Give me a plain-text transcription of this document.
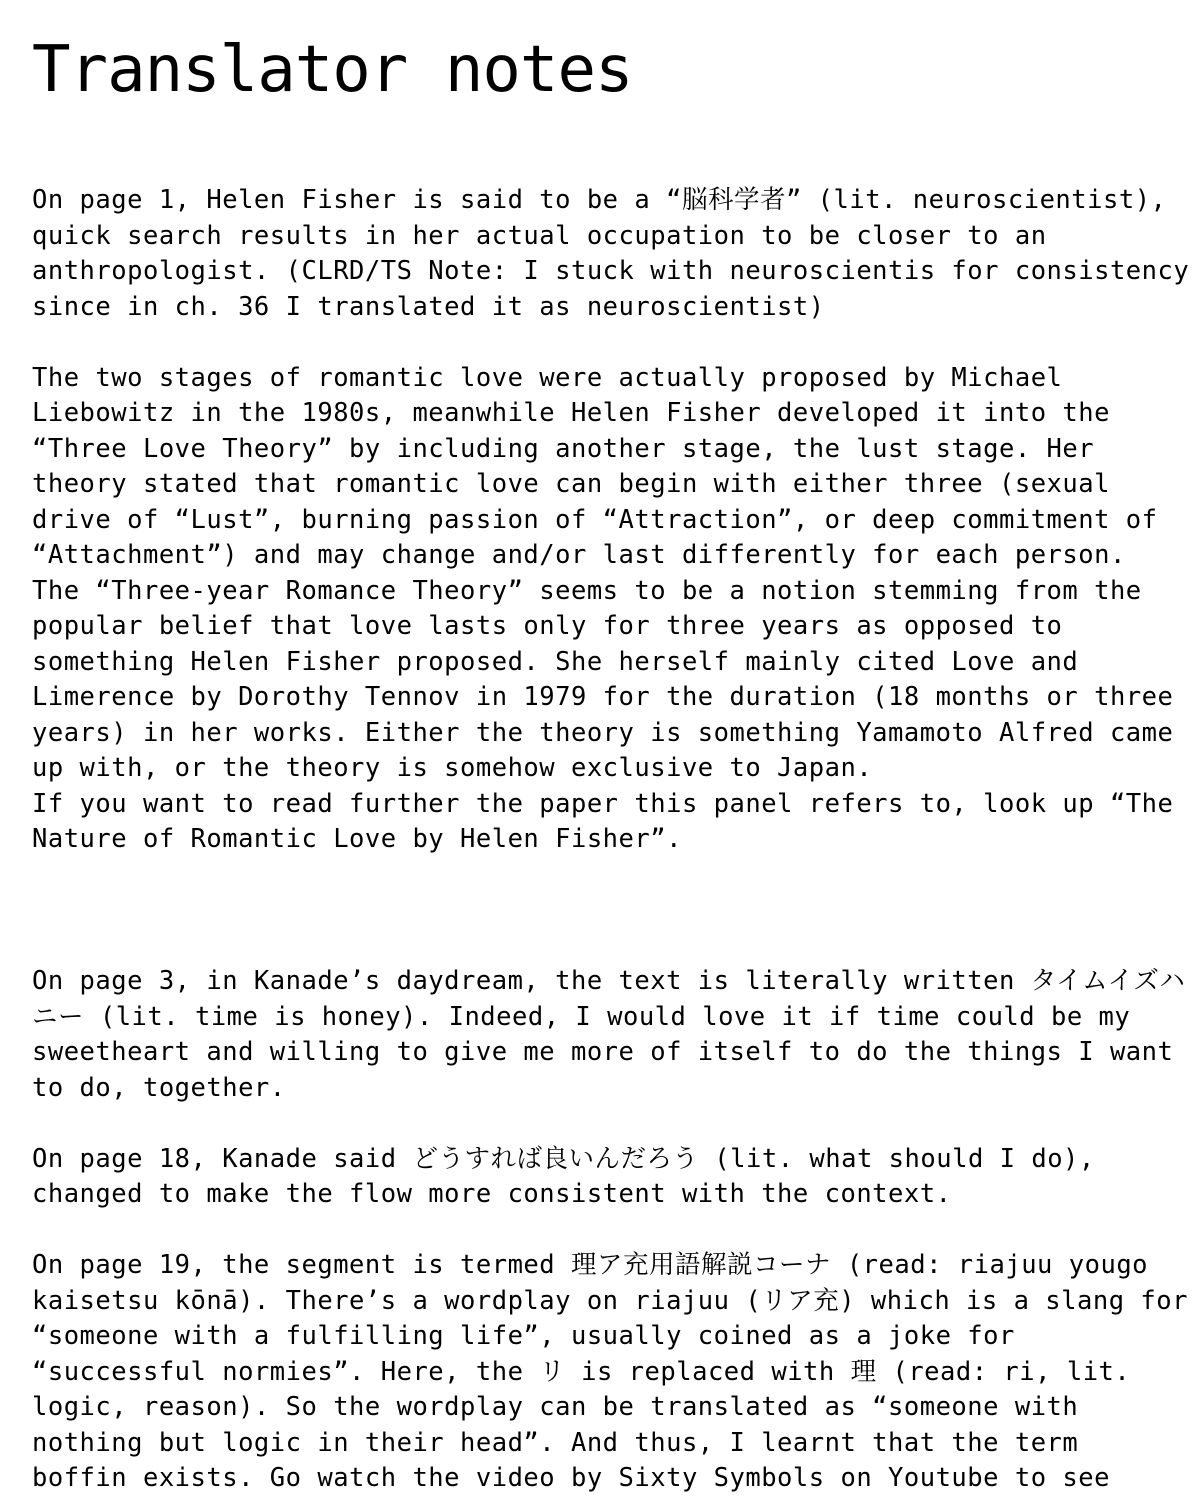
Translator notes
On page 1, Helen Fisher is said to be a “脳科学者” (lit. neuroscientist),
quick search results in her actual occupation to be closer to an
anthropologist. (CLRD/TS Note: I stuck with neuroscientis for consistency
since in ch. 36 I translated it as neuroscientist)
The two stages of romantic love were actually proposed by Michael
Liebowitz in the 1980s, meanwhile Helen Fisher developed it into the
“Three Love Theory” by including another stage, the lust stage. Her
theory stated that romantic love can begin with either three (sexual
drive of “Lust”, burning passion of “Attraction”, or deep commitment of
“Attachment”) and may change and/or last differently for each person.
The “Three-year Romance Theory” seems to be a notion stemming from the
popular belief that love lasts only for three years as opposed to
something Helen Fisher proposed. She herself mainly cited Love and
Limerence by Dorothy Tennov in 1979 for the duration (18 months or three
years) in her works. Either the theory is something Yamamoto Alfred came
up with, or the theory is somehow exclusive to Japan.
If you want to read further the paper this panel refers to, look up “The
Nature of Romantic Love by Helen Fisher”.
On page 3, in Kanade’s daydream, the text is literally written タイムイズハ
ニー (lit. time is honey). Indeed, I would love it if time could be my
sweetheart and willing to give me more of itself to do the things I want
to do, together.
On page 18, Kanade said どうすれば良いんだろう (lit. what should I do),
changed to make the flow more consistent with the context.
On page 19, the segment is termed 理ア充用語解説コーナ (read: riajuu yougo
kaisetsu kōnā). There’s a wordplay on riajuu (リア充) which is a slang for
“someone with a fulfilling life”, usually coined as a joke for
“successful normies”. Here, the リ is replaced with 理 (read: ri, lit.
logic, reason). So the wordplay can be translated as “someone with
nothing but logic in their head”. And thus, I learnt that the term
boffin exists. Go watch the video by Sixty Symbols on Youtube to see
